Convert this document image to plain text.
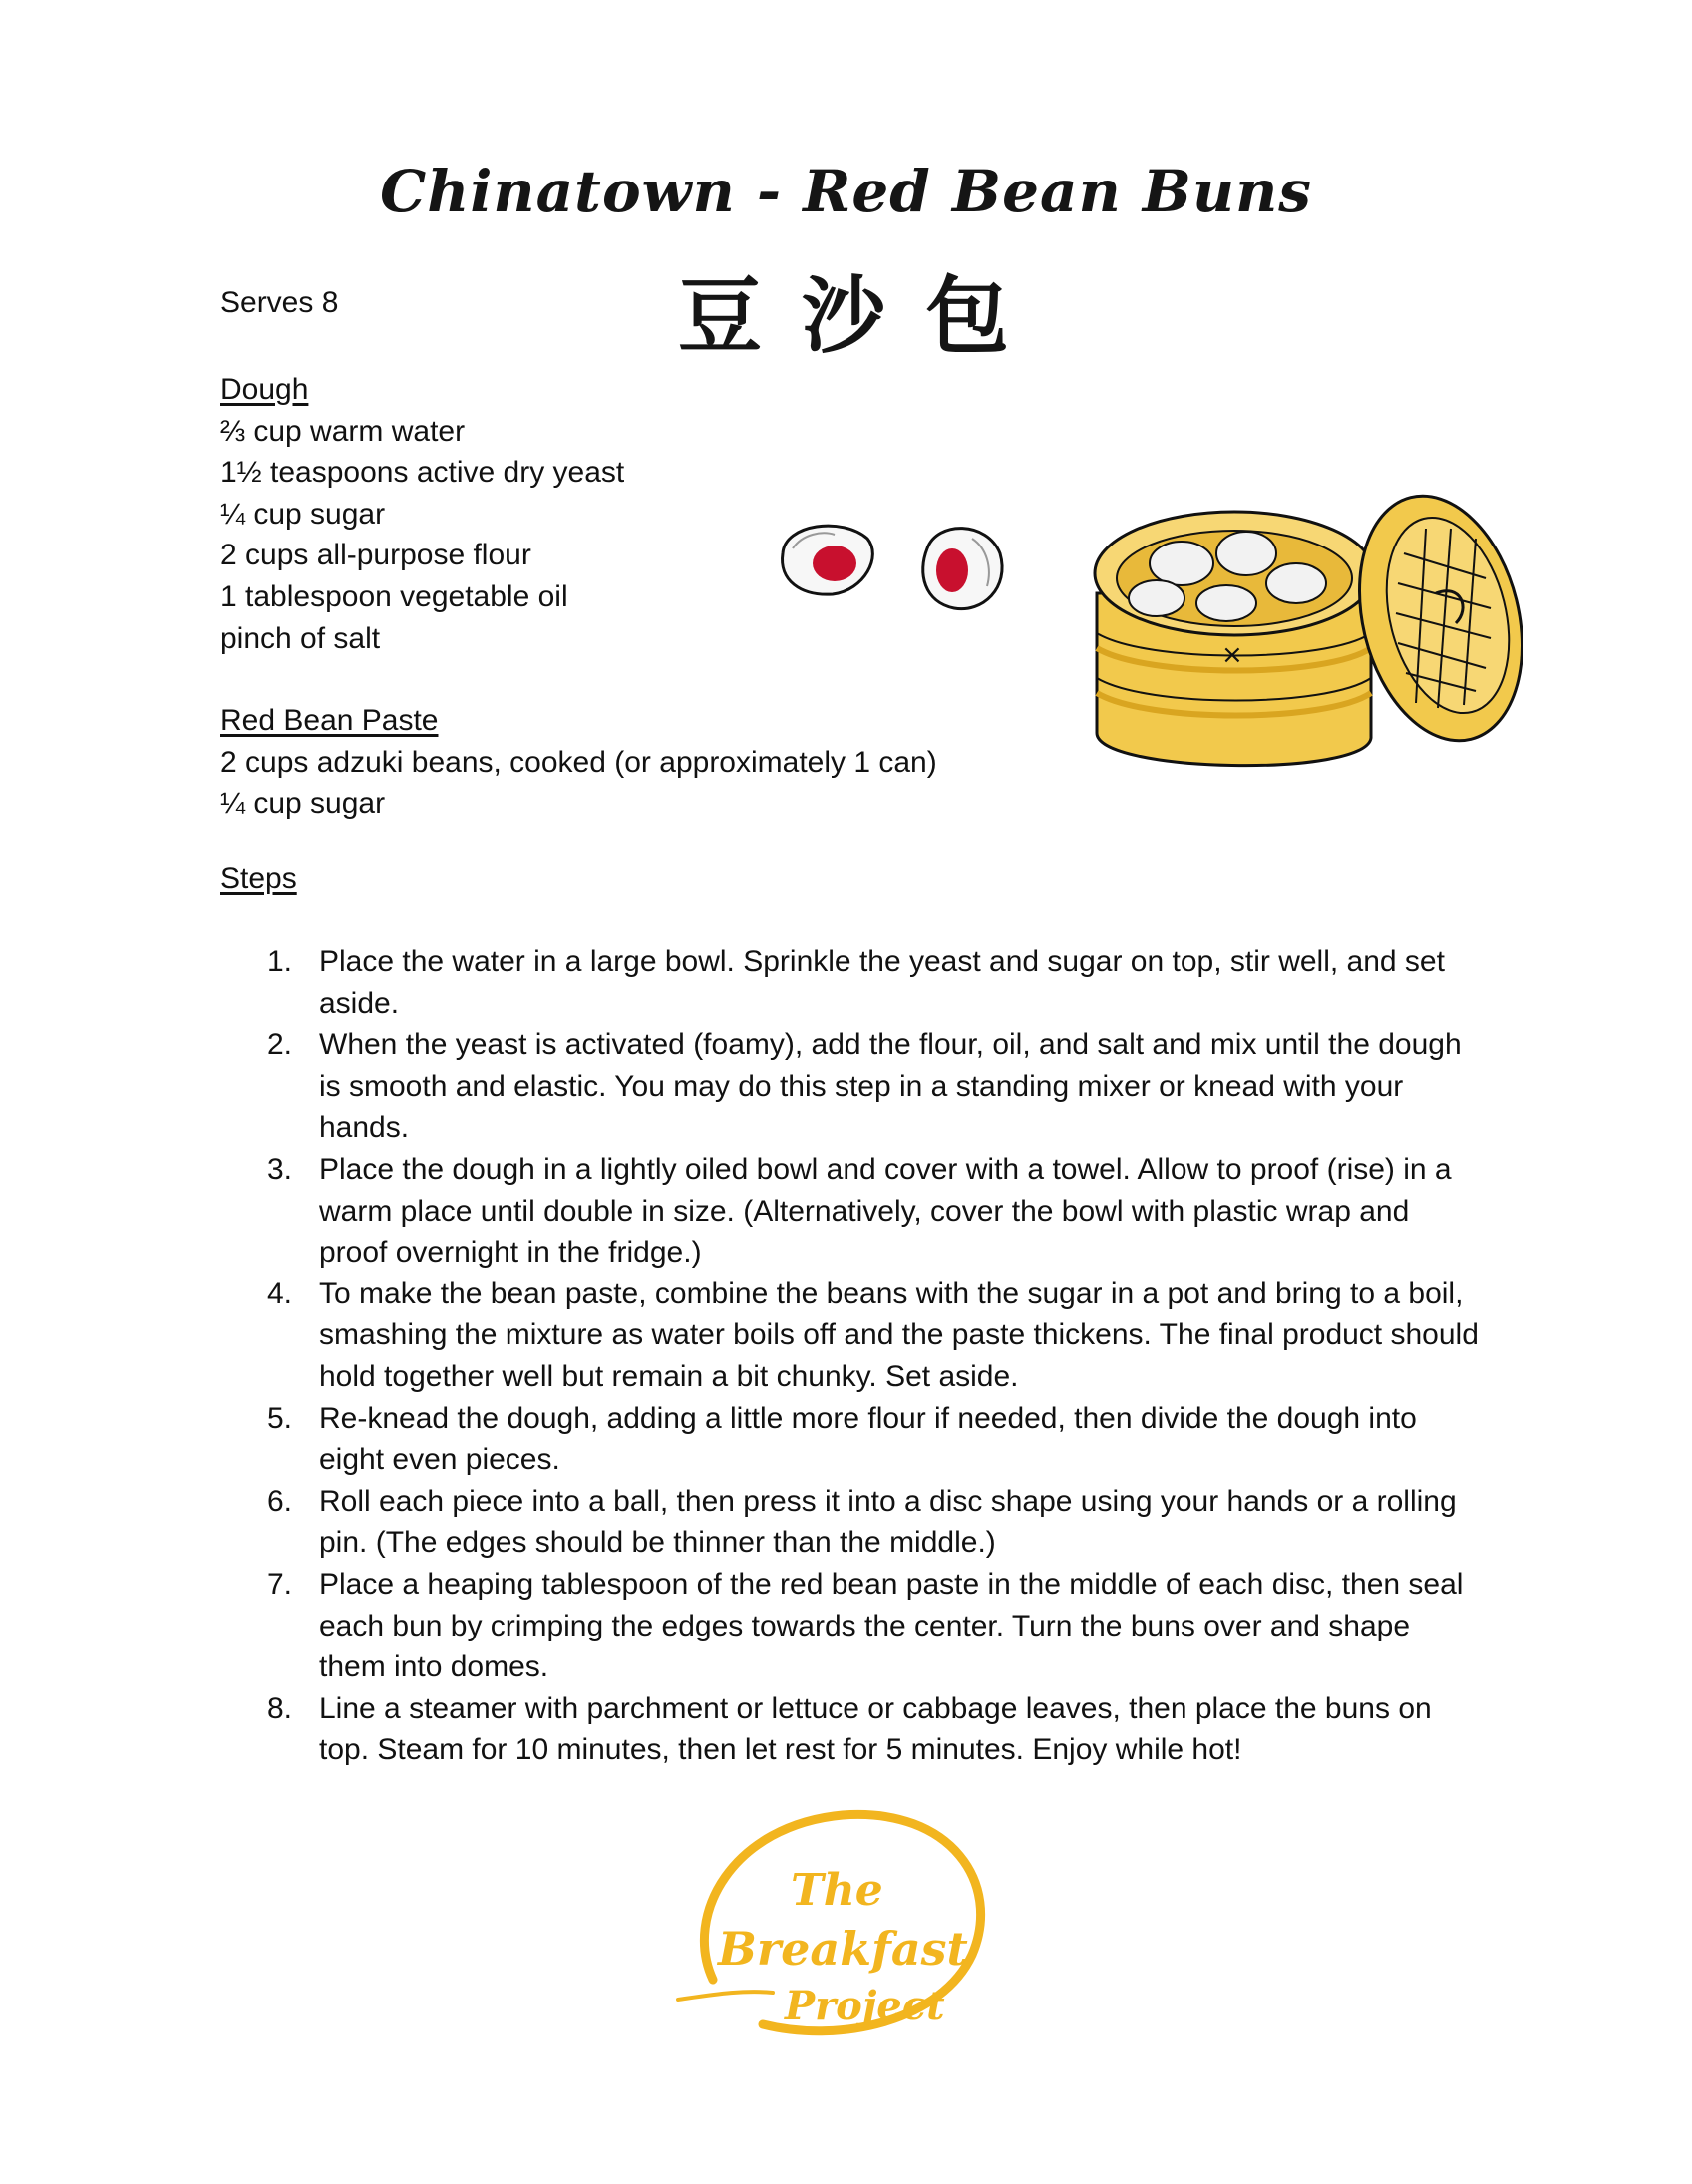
Chinatown - Red Bean Buns
豆沙包
Serves 8
Dough
⅔ cup warm water
1½ teaspoons active dry yeast
¼ cup sugar
2 cups all-purpose flour
1 tablespoon vegetable oil
pinch of salt
Red Bean Paste
2 cups adzuki beans, cooked (or approximately 1 can)
¼ cup sugar
Steps
1. Place the water in a large bowl. Sprinkle the yeast and sugar on top, stir well, and set aside.
2. When the yeast is activated (foamy), add the flour, oil, and salt and mix until the dough is smooth and elastic. You may do this step in a standing mixer or knead with your hands.
3. Place the dough in a lightly oiled bowl and cover with a towel. Allow to proof (rise) in a warm place until double in size. (Alternatively, cover the bowl with plastic wrap and proof overnight in the fridge.)
4. To make the bean paste, combine the beans with the sugar in a pot and bring to a boil, smashing the mixture as water boils off and the paste thickens. The final product should hold together well but remain a bit chunky. Set aside.
5. Re-knead the dough, adding a little more flour if needed, then divide the dough into eight even pieces.
6. Roll each piece into a ball, then press it into a disc shape using your hands or a rolling pin. (The edges should be thinner than the middle.)
7. Place a heaping tablespoon of the red bean paste in the middle of each disc, then seal each bun by crimping the edges towards the center. Turn the buns over and shape them into domes.
8. Line a steamer with parchment or lettuce or cabbage leaves, then place the buns on top. Steam for 10 minutes, then let rest for 5 minutes. Enjoy while hot!
×
The
Breakfast
Project
